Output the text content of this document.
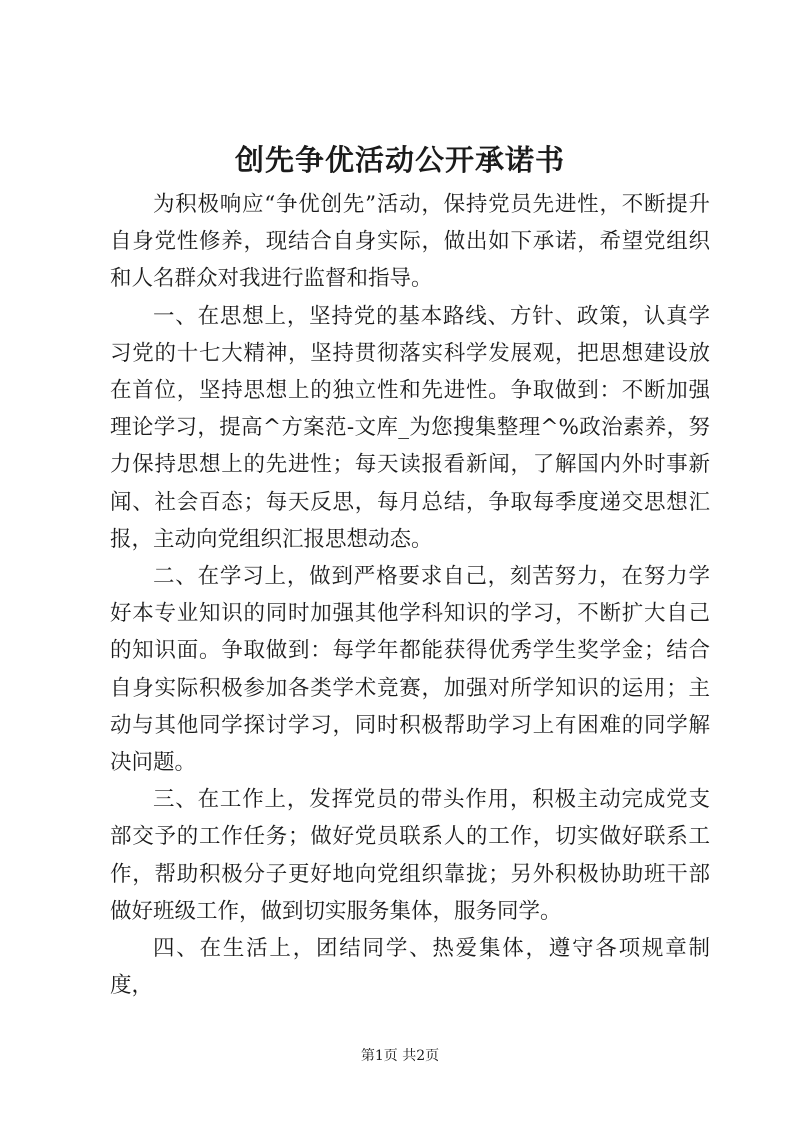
创先争优活动公开承诺书

为积极响应“争优创先”活动，保持党员先进性，不断提升自身党性修养，现结合自身实际，做出如下承诺，希望党组织和人名群众对我进行监督和指导。

一、在思想上，坚持党的基本路线、方针、政策，认真学习党的十七大精神，坚持贯彻落实科学发展观，把思想建设放在首位，坚持思想上的独立性和先进性。争取做到：不断加强理论学习，提高^方案范-文库_为您搜集整理^%政治素养，努力保持思想上的先进性；每天读报看新闻，了解国内外时事新闻、社会百态；每天反思，每月总结，争取每季度递交思想汇报，主动向党组织汇报思想动态。

二、在学习上，做到严格要求自己，刻苦努力，在努力学好本专业知识的同时加强其他学科知识的学习，不断扩大自己的知识面。争取做到：每学年都能获得优秀学生奖学金；结合自身实际积极参加各类学术竞赛，加强对所学知识的运用；主动与其他同学探讨学习，同时积极帮助学习上有困难的同学解决问题。

三、在工作上，发挥党员的带头作用，积极主动完成党支部交予的工作任务；做好党员联系人的工作，切实做好联系工作，帮助积极分子更好地向党组织靠拢；另外积极协助班干部做好班级工作，做到切实服务集体，服务同学。

四、在生活上，团结同学、热爱集体，遵守各项规章制度，

第1页 共2页
